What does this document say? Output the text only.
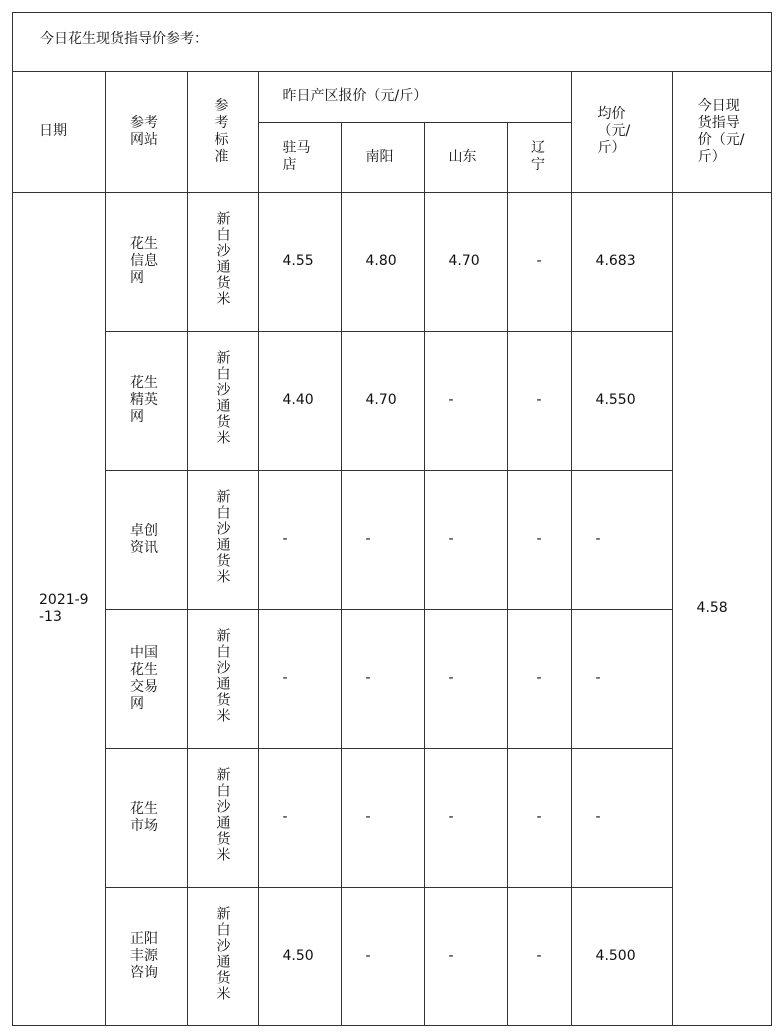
今日花生现货指导价参考：
日期	参考网站	参考标准	昨日产区报价（元/斤）				均价（元/斤）	今日现货指导价（元/斤）
			驻马店	南阳	山东	辽宁		
2021-9-13	花生信息网	新白沙通货米	4.55	4.80	4.70	-	4.683	4.58
	花生精英网	新白沙通货米	4.40	4.70	-	-	4.550	
	卓创资讯	新白沙通货米	-	-	-	-	-	
	中国花生交易网	新白沙通货米	-	-	-	-	-	
	花生市场	新白沙通货米	-	-	-	-	-	
	正阳丰源咨询	新白沙通货米	4.50	-	-	-	4.500	
